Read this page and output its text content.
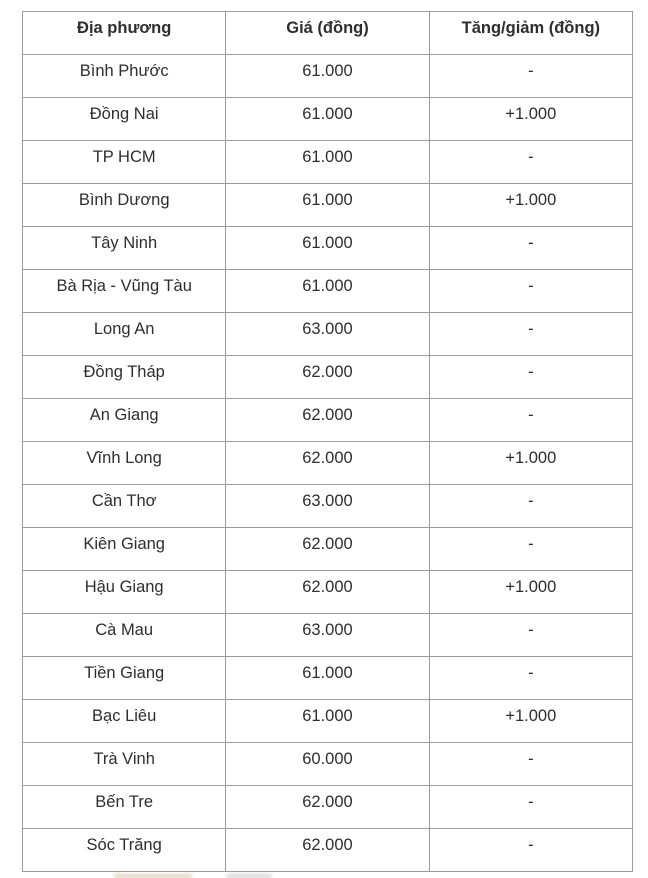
Địa phương	Giá (đồng)	Tăng/giảm (đồng)
Bình Phước	61.000	-
Đồng Nai	61.000	+1.000
TP HCM	61.000	-
Bình Dương	61.000	+1.000
Tây Ninh	61.000	-
Bà Rịa - Vũng Tàu	61.000	-
Long An	63.000	-
Đồng Tháp	62.000	-
An Giang	62.000	-
Vĩnh Long	62.000	+1.000
Cần Thơ	63.000	-
Kiên Giang	62.000	-
Hậu Giang	62.000	+1.000
Cà Mau	63.000	-
Tiền Giang	61.000	-
Bạc Liêu	61.000	+1.000
Trà Vinh	60.000	-
Bến Tre	62.000	-
Sóc Trăng	62.000	-
